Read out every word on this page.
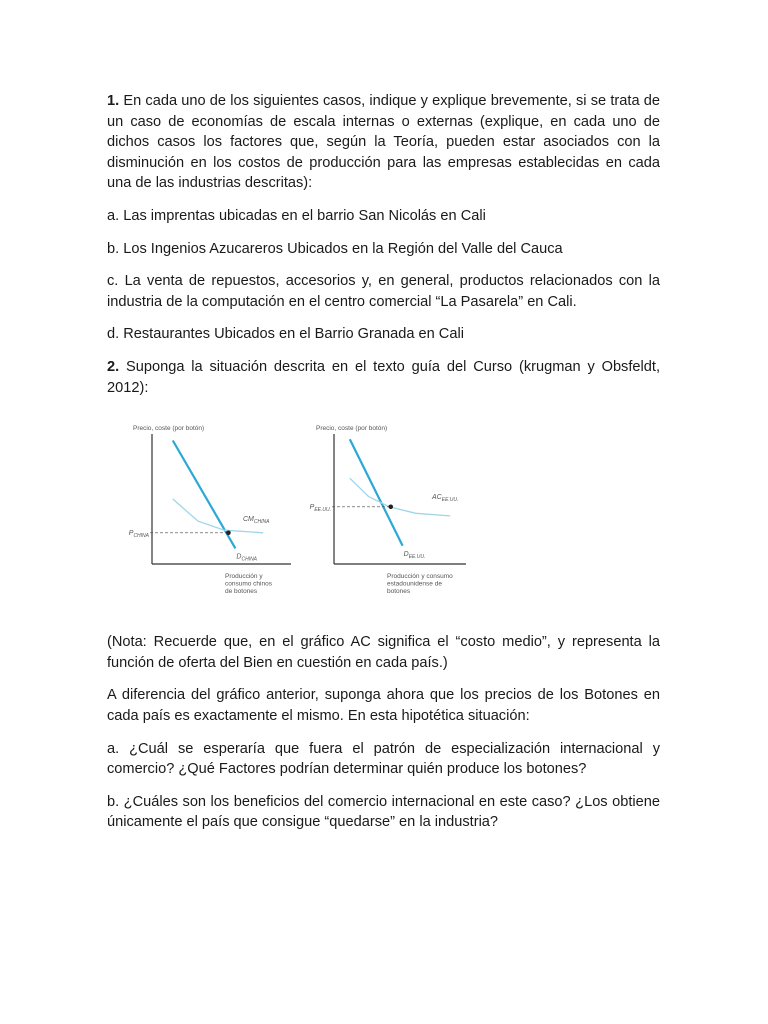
1. En cada uno de los siguientes casos, indique y explique brevemente, si se trata de un caso de economías de escala internas o externas (explique, en cada uno de dichos casos los factores que, según la Teoría, pueden estar asociados con la disminución en los costos de producción para las empresas establecidas en cada una de las industrias descritas):

a. Las imprentas ubicadas en el barrio San Nicolás en Cali

b. Los Ingenios Azucareros Ubicados en la Región del Valle del Cauca

c. La venta de repuestos, accesorios y, en general, productos relacionados con la industria de la computación en el centro comercial “La Pasarela” en Cali.

d. Restaurantes Ubicados en el Barrio Granada en Cali

2. Suponga la situación descrita en el texto guía del Curso (krugman y Obsfeldt, 2012):

Precio, coste (por botón)
$P_{CHINA}$
$D_{CHINA}$
$CM_{CHINA}$
Producción y
consumo chinos
de botones
Precio, coste (por botón)
$P_{EE.UU.}$
$D_{EE.UU.}$
$AC_{EE.UU.}$
Producción y consumo
estadounidense de
botones

(Nota: Recuerde que, en el gráfico AC significa el “costo medio”, y representa la función de oferta del Bien en cuestión en cada país.)

A diferencia del gráfico anterior, suponga ahora que los precios de los Botones en cada país es exactamente el mismo. En esta hipotética situación:

a. ¿Cuál se esperaría que fuera el patrón de especialización internacional y comercio? ¿Qué Factores podrían determinar quién produce los botones?

b. ¿Cuáles son los beneficios del comercio internacional en este caso? ¿Los obtiene únicamente el país que consigue “quedarse” en la industria?
